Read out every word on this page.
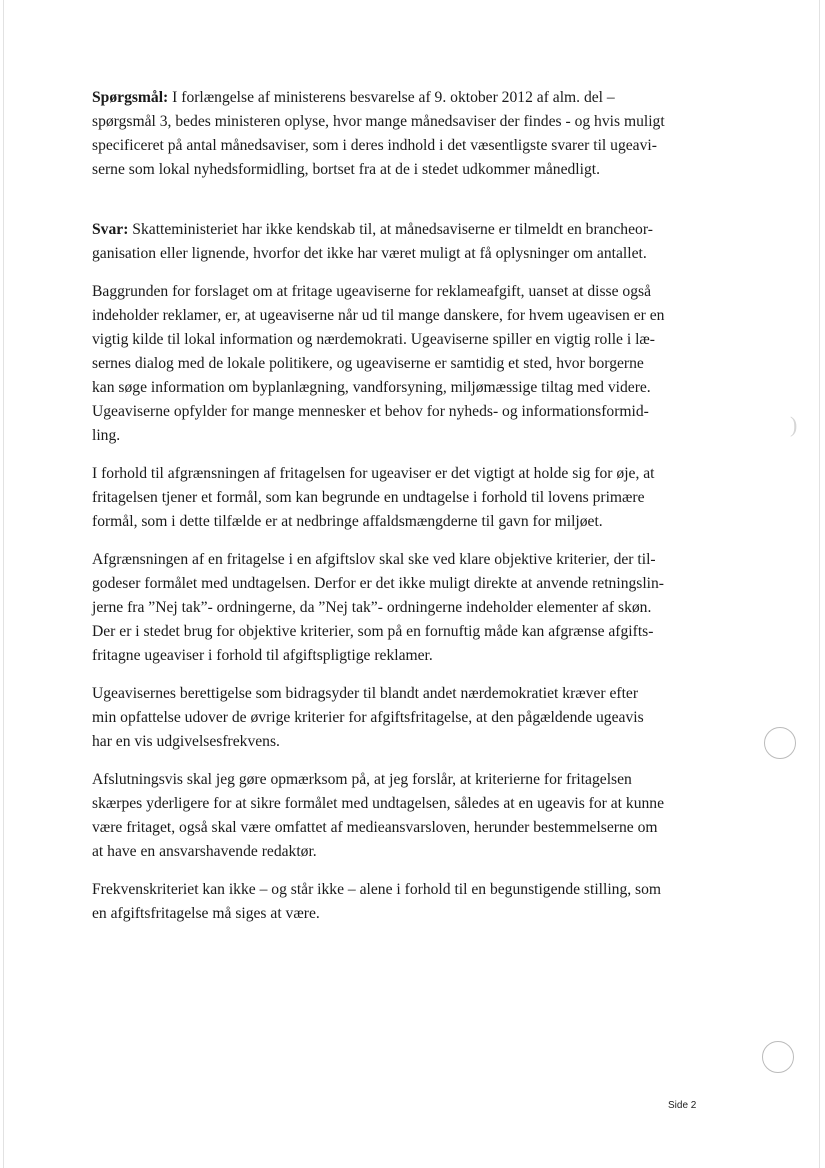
)

Spørgsmål: I forlængelse af ministerens besvarelse af 9. oktober 2012 af alm. del –
spørgsmål 3, bedes ministeren oplyse, hvor mange månedsaviser der findes - og hvis muligt
specificeret på antal månedsaviser, som i deres indhold i det væsentligste svarer til ugeavi-
serne som lokal nyhedsformidling, bortset fra at de i stedet udkommer månedligt.

Svar: Skatteministeriet har ikke kendskab til, at månedsaviserne er tilmeldt en brancheor-
ganisation eller lignende, hvorfor det ikke har været muligt at få oplysninger om antallet.

Baggrunden for forslaget om at fritage ugeaviserne for reklameafgift, uanset at disse også
indeholder reklamer, er, at ugeaviserne når ud til mange danskere, for hvem ugeavisen er en
vigtig kilde til lokal information og nærdemokrati. Ugeaviserne spiller en vigtig rolle i læ-
sernes dialog med de lokale politikere, og ugeaviserne er samtidig et sted, hvor borgerne
kan søge information om byplanlægning, vandforsyning, miljømæssige tiltag med videre.
Ugeaviserne opfylder for mange mennesker et behov for nyheds- og informationsformid-
ling.

I forhold til afgrænsningen af fritagelsen for ugeaviser er det vigtigt at holde sig for øje, at
fritagelsen tjener et formål, som kan begrunde en undtagelse i forhold til lovens primære
formål, som i dette tilfælde er at nedbringe affaldsmængderne til gavn for miljøet.

Afgrænsningen af en fritagelse i en afgiftslov skal ske ved klare objektive kriterier, der til-
godeser formålet med undtagelsen. Derfor er det ikke muligt direkte at anvende retningslin-
jerne fra ”Nej tak”- ordningerne, da ”Nej tak”- ordningerne indeholder elementer af skøn.
Der er i stedet brug for objektive kriterier, som på en fornuftig måde kan afgrænse afgifts-
fritagne ugeaviser i forhold til afgiftspligtige reklamer.

Ugeavisernes berettigelse som bidragsyder til blandt andet nærdemokratiet kræver efter
min opfattelse udover de øvrige kriterier for afgiftsfritagelse, at den pågældende ugeavis
har en vis udgivelsesfrekvens.

Afslutningsvis skal jeg gøre opmærksom på, at jeg forslår, at kriterierne for fritagelsen
skærpes yderligere for at sikre formålet med undtagelsen, således at en ugeavis for at kunne
være fritaget, også skal være omfattet af medieansvarsloven, herunder bestemmelserne om
at have en ansvarshavende redaktør.

Frekvenskriteriet kan ikke – og står ikke – alene i forhold til en begunstigende stilling, som
en afgiftsfritagelse må siges at være.

Side 2
